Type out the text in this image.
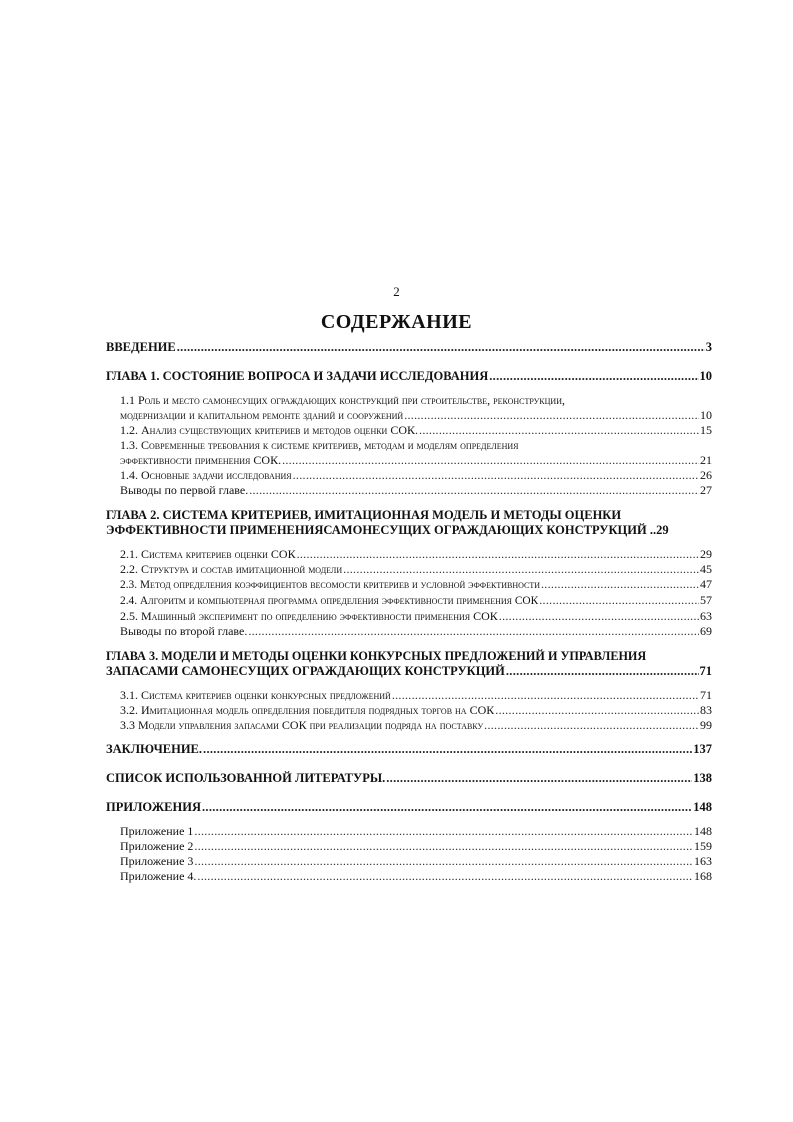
2
СОДЕРЖАНИЕ
ВВЕДЕНИЕ .....	3
ГЛАВА 1. СОСТОЯНИЕ ВОПРОСА И ЗАДАЧИ ИССЛЕДОВАНИЯ .....	10
1.1 Роль и место самонесущих ограждающих конструкций при строительстве, реконструкции,
модернизации и капитальном ремонте зданий и сооружений .....	10
1.2. Анализ существующих критериев и методов оценки СОК. .....	15
1.3. Современные требования к системе критериев, методам и моделям определения
эффективности применения СОК. .....	21
1.4. Основные задачи исследования .....	26
Выводы по первой главе. .....	27
ГЛАВА 2. СИСТЕМА КРИТЕРИЕВ, ИМИТАЦИОННАЯ МОДЕЛЬ И МЕТОДЫ ОЦЕНКИ
ЭФФЕКТИВНОСТИ ПРИМЕНЕНИЯСАМОНЕСУЩИХ ОГРАЖДАЮЩИХ КОНСТРУКЦИЙ .. 29
2.1. Система критериев оценки СОК .....	29
2.2. Структура и состав имитационной модели .....	45
2.3. Метод определения коэффициентов весомости критериев и условной эффективности .....	47
2.4. Алгоритм и компьютерная программа определения эффективности применения СОК .....	57
2.5. Машинный эксперимент по определению эффективности применения СОК .....	63
Выводы по второй главе. .....	69
ГЛАВА 3. МОДЕЛИ И МЕТОДЫ ОЦЕНКИ КОНКУРСНЫХ ПРЕДЛОЖЕНИЙ И УПРАВЛЕНИЯ
ЗАПАСАМИ САМОНЕСУЩИХ ОГРАЖДАЮЩИХ КОНСТРУКЦИЙ .....	71
3.1. Система критериев оценки конкурсных предложений .....	71
3.2. Имитационная модель определения победителя подрядных торгов на СОК .....	83
3.3 Модели управления запасами СОК при реализации подряда на поставку .....	99
ЗАКЛЮЧЕНИЕ. .....	137
СПИСОК ИСПОЛЬЗОВАННОЙ ЛИТЕРАТУРЫ. .....	138
ПРИЛОЖЕНИЯ .....	148
Приложение 1 .....	148
Приложение 2 .....	159
Приложение 3 .....	163
Приложение 4. .....	168
